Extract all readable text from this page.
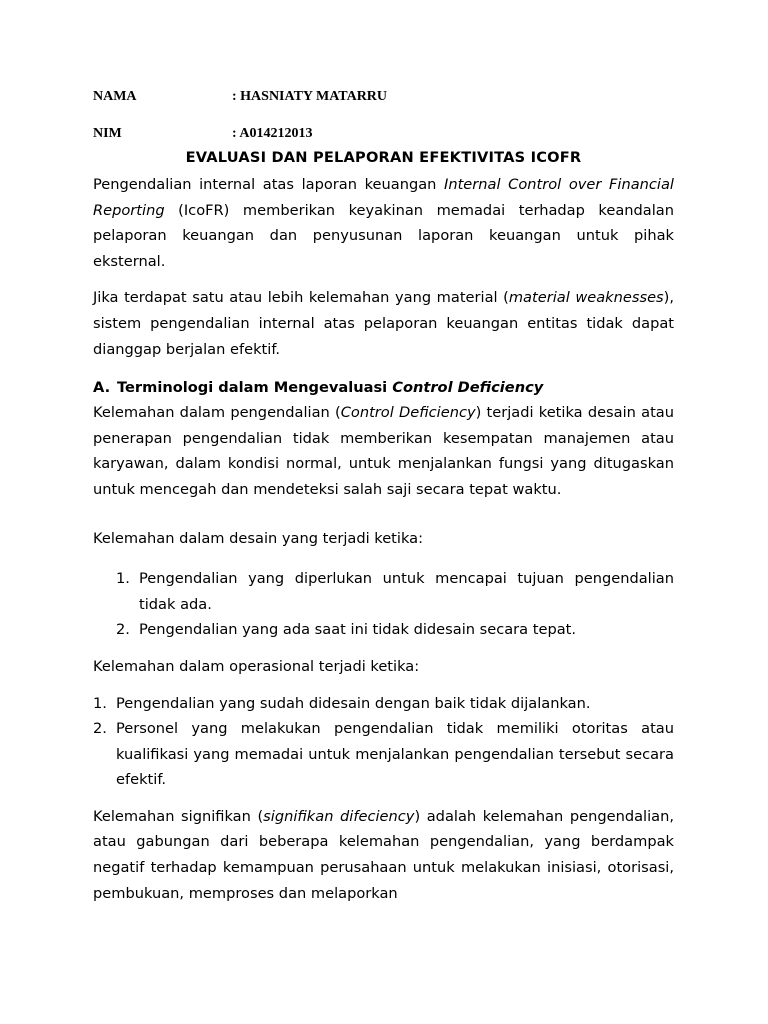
NAMA	: HASNIATY MATARRU
NIM	: A014212013
EVALUASI DAN PELAPORAN EFEKTIVITAS ICOFR

Pengendalian internal atas laporan keuangan Internal Control over Financial Reporting (IcoFR) memberikan keyakinan memadai terhadap keandalan pelaporan keuangan dan penyusunan laporan keuangan untuk pihak eksternal.

Jika terdapat satu atau lebih kelemahan yang material (material weaknesses), sistem pengendalian internal atas pelaporan keuangan entitas tidak dapat dianggap berjalan efektif.

A. Terminologi dalam Mengevaluasi Control Deficiency

Kelemahan dalam pengendalian (Control Deficiency) terjadi ketika desain atau penerapan pengendalian tidak memberikan kesempatan manajemen atau karyawan, dalam kondisi normal, untuk menjalankan fungsi yang ditugaskan untuk mencegah dan mendeteksi salah saji secara tepat waktu.

Kelemahan dalam desain yang terjadi ketika:

1. Pengendalian yang diperlukan untuk mencapai tujuan pengendalian tidak ada.
2. Pengendalian yang ada saat ini tidak didesain secara tepat.

Kelemahan dalam operasional terjadi ketika:

1. Pengendalian yang sudah didesain dengan baik tidak dijalankan.
2. Personel yang melakukan pengendalian tidak memiliki otoritas atau kualifikasi yang memadai untuk menjalankan pengendalian tersebut secara efektif.

Kelemahan signifikan (signifikan difeciency) adalah kelemahan pengendalian, atau gabungan dari beberapa kelemahan pengendalian, yang berdampak negatif terhadap kemampuan perusahaan untuk melakukan inisiasi, otorisasi, pembukuan, memproses dan melaporkan
